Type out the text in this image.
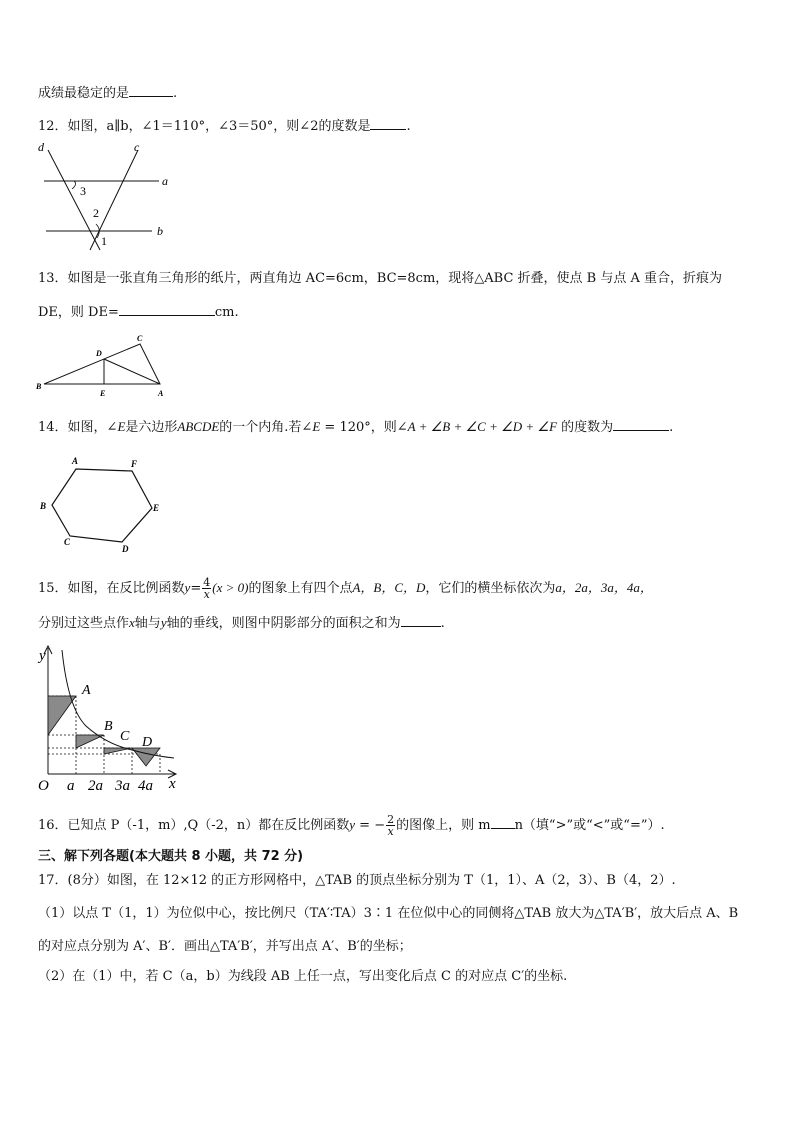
成绩最稳定的是	.
12．如图，a∥b，∠1＝110°，∠3＝50°，则∠2的度数是	.
d	c
a
b
3
2
1
13．如图是一张直角三角形的纸片，两直角边 AC=6cm，BC=8cm，现将△ABC 折叠，使点 B 与点 A 重合，折痕为
DE，则 DE=	cm.
B
C
D
E	A
14．如图，∠E是六边形ABCDE的一个内角.若∠E = 120°，则∠A + ∠B + ∠C + ∠D + ∠F 的度数为	.
A	F
B	E
C
D
15．如图，在反比例函数$y= \frac{4}{x} (x > 0)$的图象上有四个点A，B，C，D，它们的横坐标依次为a，2a，3a，4a，
分别过这些点作x轴与y轴的垂线，则图中阴影部分的面积之和为	.
y
x
O
A
B
C D
a 2a 3a 4a
16．已知点 P（-1，m）,Q（-2，n）都在反比例函数y = − $\frac{2}{x}$ 的图像上，则 m n（填“>”或“<”或“=”）.
三、解下列各题(本大题共 8 小题，共 72 分)
17．(8分）如图，在 12×12 的正方形网格中，△TAB 的顶点坐标分别为 T（1，1）、A（2，3）、B（4，2）.
（1）以点 T（1，1）为位似中心，按比例尺（TA′∶TA）3∶1 在位似中心的同侧将△TAB 放大为△TA′B′，放大后点 A、B
的对应点分别为 A′、B′．画出△TA′B′，并写出点 A′、B′的坐标；
（2）在（1）中，若 C（a，b）为线段 AB 上任一点，写出变化后点 C 的对应点 C′的坐标.
